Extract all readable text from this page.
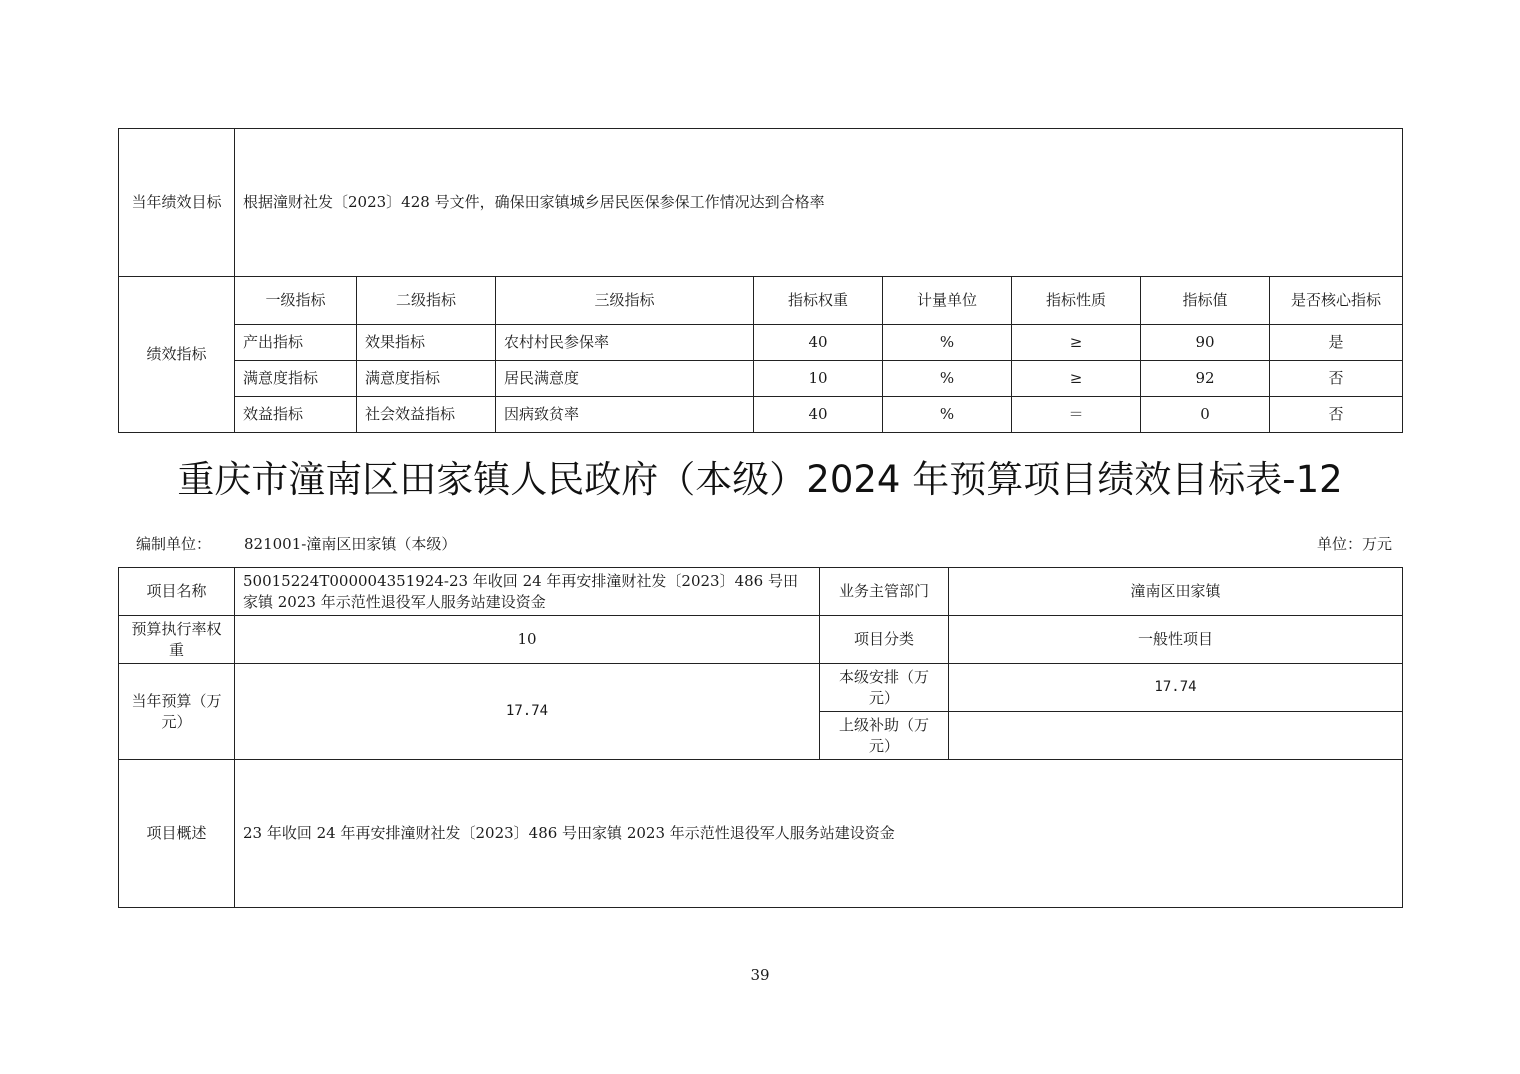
当年绩效目标	根据潼财社发〔2023〕428 号文件，确保田家镇城乡居民医保参保工作情况达到合格率							
绩效指标	一级指标	二级指标	三级指标	指标权重	计量单位	指标性质	指标值	是否核心指标
	产出指标	效果指标	农村村民参保率	40	%	≥	90	是
	满意度指标	满意度指标	居民满意度	10	%	≥	92	否
	效益指标	社会效益指标	因病致贫率	40	%	＝	0	否
重庆市潼南区田家镇人民政府（本级）2024 年预算项目绩效目标表-12
编制单位： 821001-潼南区田家镇（本级）	单位：万元
项目名称	50015224T000004351924-23 年收回 24 年再安排潼财社发〔2023〕486 号田家镇 2023 年示范性退役军人服务站建设资金	业务主管部门	潼南区田家镇
预算执行率权重	10	项目分类	一般性项目
当年预算（万元）	17.74	本级安排（万元）	17.74
		上级补助（万元）	
项目概述	23 年收回 24 年再安排潼财社发〔2023〕486 号田家镇 2023 年示范性退役军人服务站建设资金		
39
